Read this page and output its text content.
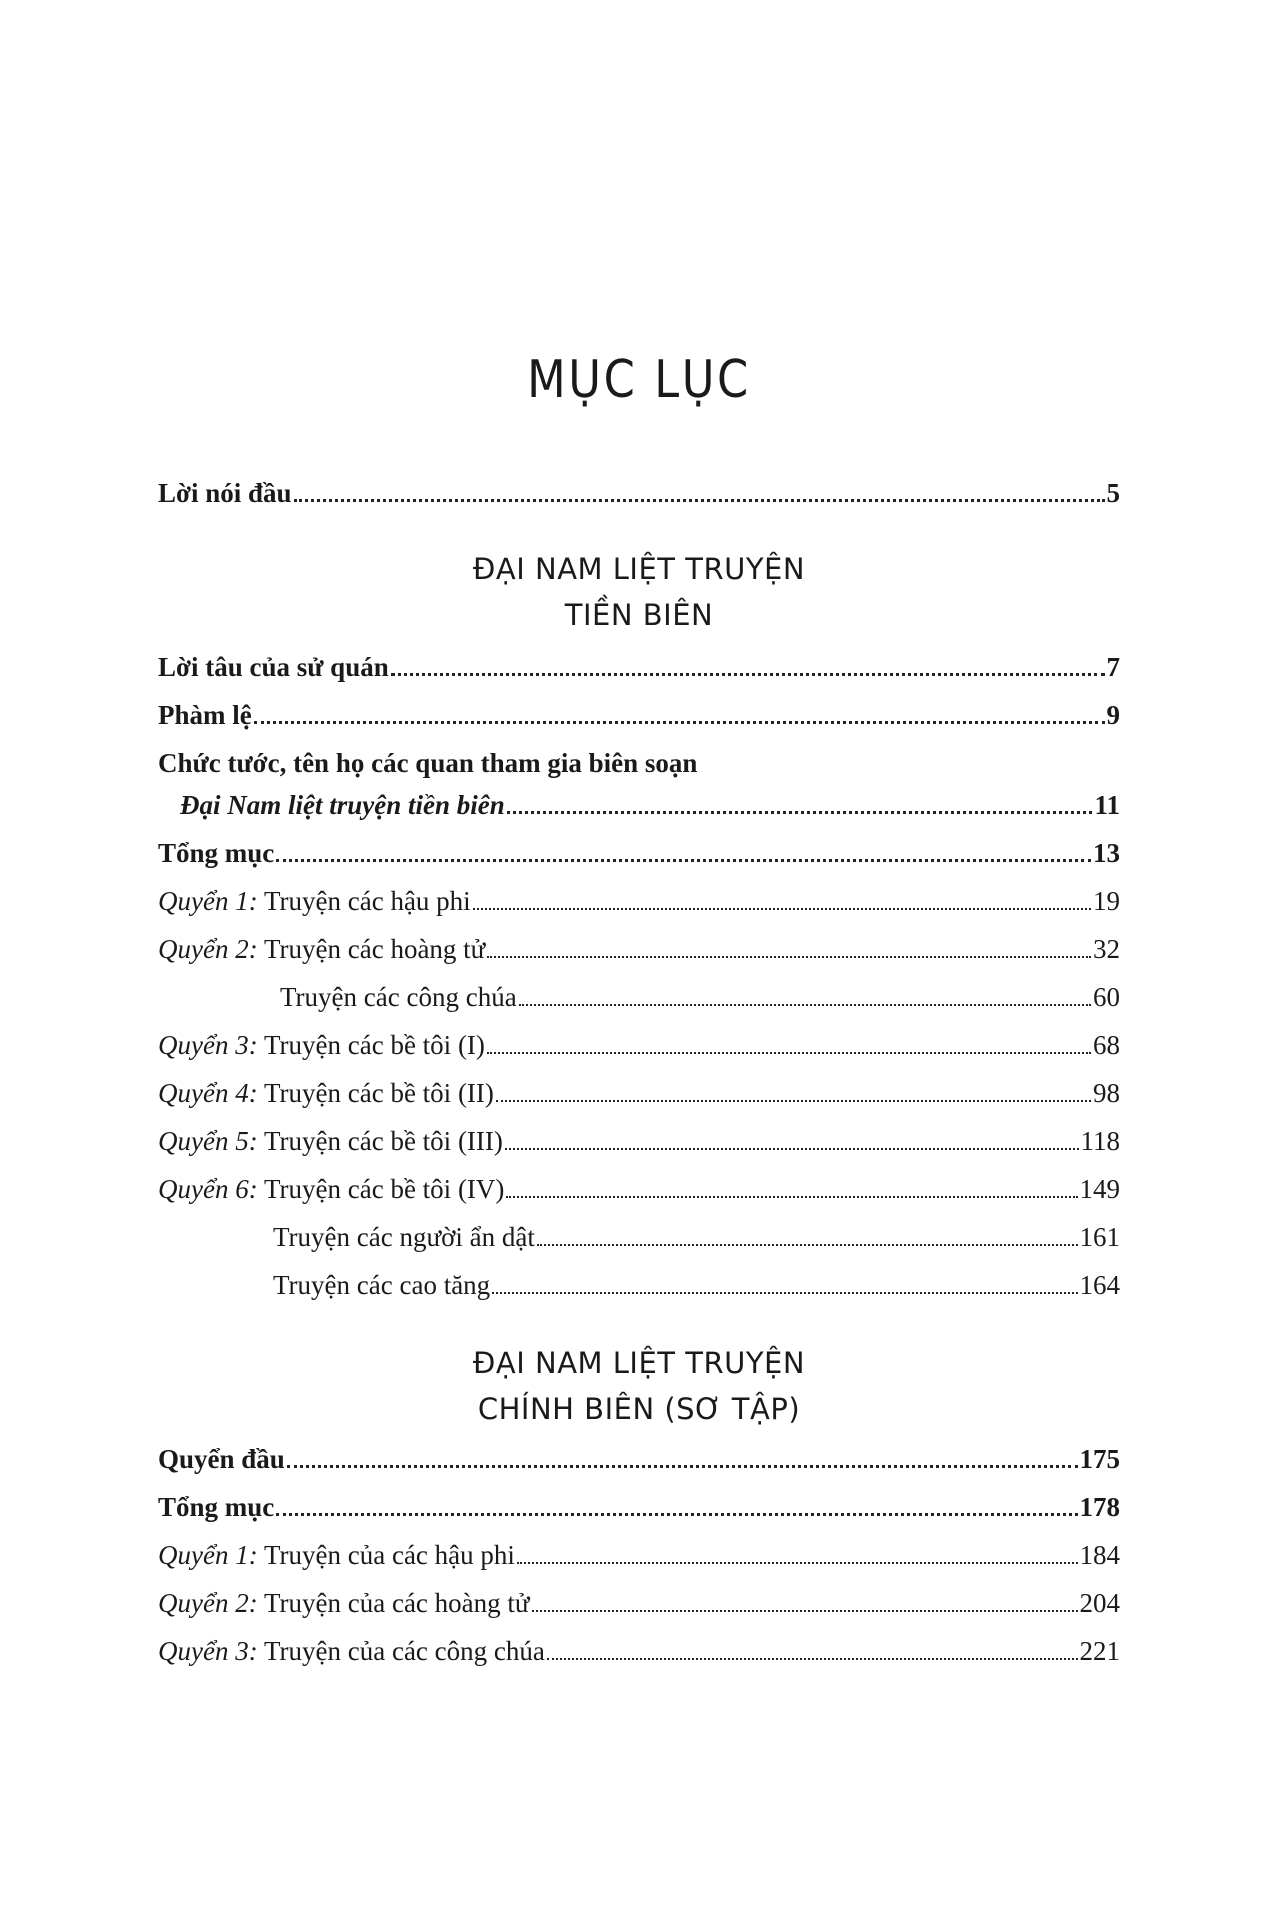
MỤC LỤC
Lời nói đầu	5
ĐẠI NAM LIỆT TRUYỆN
TIỀN BIÊN
Lời tâu của sử quán	7
Phàm lệ	9
Chức tước, tên họ các quan tham gia biên soạn
Đại Nam liệt truyện tiền biên	11
Tổng mục	13
Quyển 1: Truyện các hậu phi	19
Quyển 2: Truyện các hoàng tử	32
Truyện các công chúa	60
Quyển 3: Truyện các bề tôi (I)	68
Quyển 4: Truyện các bề tôi (II)	98
Quyển 5: Truyện các bề tôi (III)	118
Quyển 6: Truyện các bề tôi (IV)	149
Truyện các người ẩn dật	161
Truyện các cao tăng	164
ĐẠI NAM LIỆT TRUYỆN
CHÍNH BIÊN (SƠ TẬP)
Quyển đầu	175
Tổng mục	178
Quyển 1: Truyện của các hậu phi	184
Quyển 2: Truyện của các hoàng tử	204
Quyển 3: Truyện của các công chúa	221
